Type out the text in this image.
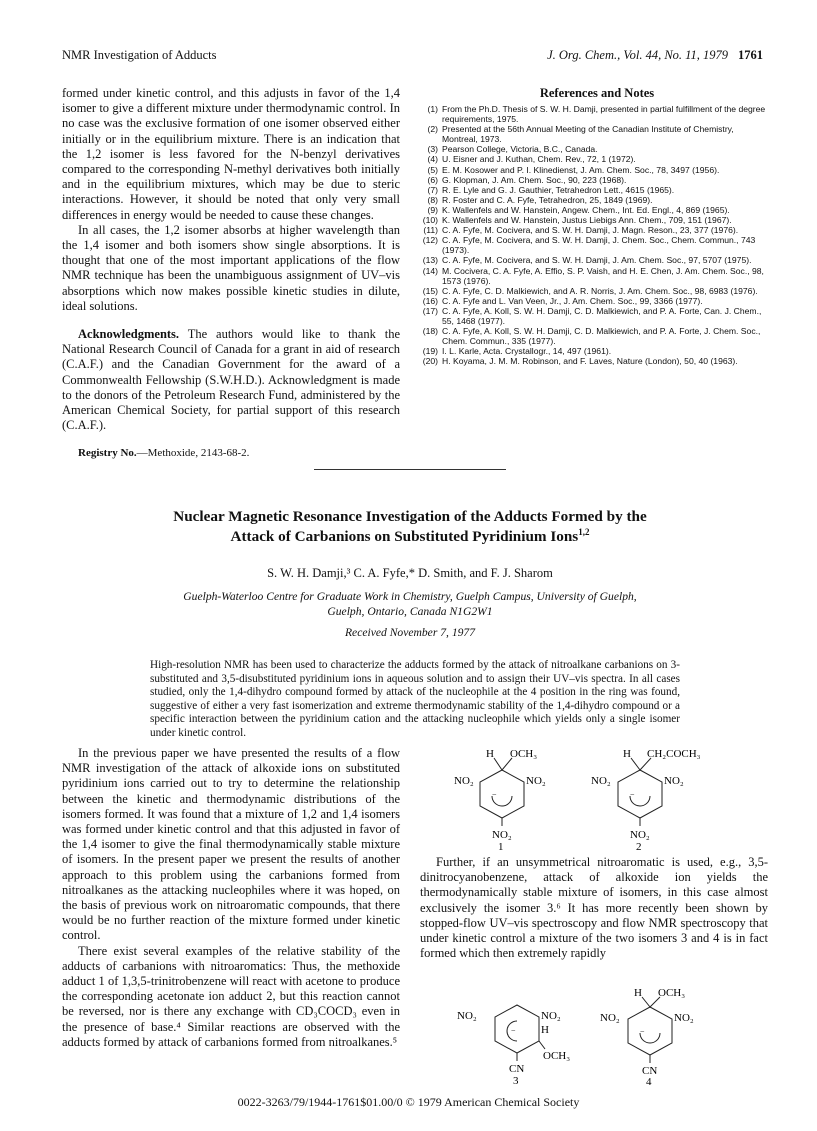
NMR Investigation of Adducts	J. Org. Chem., Vol. 44, No. 11, 1979 1761

formed under kinetic control, and this adjusts in favor of the 1,4 isomer to give a different mixture under thermodynamic control. In no case was the exclusive formation of one isomer observed either initially or in the equilibrium mixture. There is an indication that the 1,2 isomer is less favored for the N-benzyl derivatives compared to the corresponding N-methyl derivatives both initially and in the equilibrium mixtures, which may be due to steric interactions. However, it should be noted that only very small differences in energy would be needed to cause these changes.

In all cases, the 1,2 isomer absorbs at higher wavelength than the 1,4 isomer and both isomers show single absorptions. It is thought that one of the most important applications of the flow NMR technique has been the unambiguous assignment of UV–vis absorptions which now makes possible kinetic studies in dilute, ideal solutions.

Acknowledgments. The authors would like to thank the National Research Council of Canada for a grant in aid of research (C.A.F.) and the Canadian Government for the award of a Commonwealth Fellowship (S.W.H.D.). Acknowledgment is made to the donors of the Petroleum Research Fund, administered by the American Chemical Society, for partial support of this research (C.A.F.).

Registry No.—Methoxide, 2143-68-2.

References and Notes
(1) From the Ph.D. Thesis of S. W. H. Damji, presented in partial fulfillment of the degree requirements, 1975.
(2) Presented at the 56th Annual Meeting of the Canadian Institute of Chemistry, Montreal, 1973.
(3) Pearson College, Victoria, B.C., Canada.
(4) U. Eisner and J. Kuthan, Chem. Rev., 72, 1 (1972).
(5) E. M. Kosower and P. I. Klinedienst, J. Am. Chem. Soc., 78, 3497 (1956).
(6) G. Klopman, J. Am. Chem. Soc., 90, 223 (1968).
(7) R. E. Lyle and G. J. Gauthier, Tetrahedron Lett., 4615 (1965).
(8) R. Foster and C. A. Fyfe, Tetrahedron, 25, 1849 (1969).
(9) K. Wallenfels and W. Hanstein, Angew. Chem., Int. Ed. Engl., 4, 869 (1965).
(10) K. Wallenfels and W. Hanstein, Justus Liebigs Ann. Chem., 709, 151 (1967).
(11) C. A. Fyfe, M. Cocivera, and S. W. H. Damji, J. Magn. Reson., 23, 377 (1976).
(12) C. A. Fyfe, M. Cocivera, and S. W. H. Damji, J. Chem. Soc., Chem. Commun., 743 (1973).
(13) C. A. Fyfe, M. Cocivera, and S. W. H. Damji, J. Am. Chem. Soc., 97, 5707 (1975).
(14) M. Cocivera, C. A. Fyfe, A. Effio, S. P. Vaish, and H. E. Chen, J. Am. Chem. Soc., 98, 1573 (1976).
(15) C. A. Fyfe, C. D. Malkiewich, and A. R. Norris, J. Am. Chem. Soc., 98, 6983 (1976).
(16) C. A. Fyfe and L. Van Veen, Jr., J. Am. Chem. Soc., 99, 3366 (1977).
(17) C. A. Fyfe, A. Koll, S. W. H. Damji, C. D. Malkiewich, and P. A. Forte, Can. J. Chem., 55, 1468 (1977).
(18) C. A. Fyfe, A. Koll, S. W. H. Damji, C. D. Malkiewich, and P. A. Forte, J. Chem. Soc., Chem. Commun., 335 (1977).
(19) I. L. Karle, Acta. Crystallogr., 14, 497 (1961).
(20) H. Koyama, J. M. M. Robinson, and F. Laves, Nature (London), 50, 40 (1963).
Nuclear Magnetic Resonance Investigation of the Adducts Formed by the
Attack of Carbanions on Substituted Pyridinium Ions$^{1,2}$
S. W. H. Damji,³ C. A. Fyfe,* D. Smith, and F. J. Sharom
Guelph-Waterloo Centre for Graduate Work in Chemistry, Guelph Campus, University of Guelph,
Guelph, Ontario, Canada N1G2W1
Received November 7, 1977
High-resolution NMR has been used to characterize the adducts formed by the attack of nitroalkane carbanions on 3-substituted and 3,5-disubstituted pyridinium ions in aqueous solution and to assign their UV–vis spectra. In all cases studied, only the 1,4-dihydro compound formed by attack of the nucleophile at the 4 position in the ring was found, suggestive of either a very fast isomerization and extreme thermodynamic stability of the 1,4-dihydro compound or a specific interaction between the pyridinium cation and the attacking nucleophile which yields only a single isomer under kinetic control.

In the previous paper we have presented the results of a flow NMR investigation of the attack of alkoxide ions on substituted pyridinium ions carried out to try to determine the relationship between the kinetic and thermodynamic distributions of the isomers formed. It was found that a mixture of 1,2 and 1,4 isomers was formed under kinetic control and that this adjusted in favor of the 1,4 isomer to give the final thermodynamically stable mixture of isomers. In the present paper we present the results of another approach to this problem using the carbanions formed from nitroalkanes as the attacking nucleophiles where it was hoped, on the basis of previous work on nitroaromatic compounds, that there would be no further reaction of the mixture formed under kinetic control.

There exist several examples of the relative stability of the adducts of carbanions with nitroaromatics: Thus, the methoxide adduct 1 of 1,3,5-trinitrobenzene will react with acetone to produce the corresponding acetonate ion adduct 2, but this reaction cannot be reversed, nor is there any exchange with CD₃COCD₃ even in the presence of base.⁴ Similar reactions are observed with the adducts formed by attack of carbanions formed from nitroalkanes.⁵

Further, if an unsymmetrical nitroaromatic is used, e.g., 3,5-dinitrocyanobenzene, attack of alkoxide ion yields the thermodynamically stable mixture of isomers, in this case almost exclusively the isomer 3.⁶ It has more recently been shown by stopped-flow UV–vis spectroscopy and flow NMR spectroscopy that under kinetic control a mixture of the two isomers 3 and 4 is in fact formed which then extremely rapidly

−
H OCH₃
NO₂	NO₂
NO₂
1
−
H CH₂COCH₃
NO₂	NO₂
NO₂
2
−
NO₂	NO₂
H
OCH₃
CN
3
−
H OCH₃
NO₂	NO₂
CN
4
0022-3263/79/1944-1761$01.00/0 © 1979 American Chemical Society
